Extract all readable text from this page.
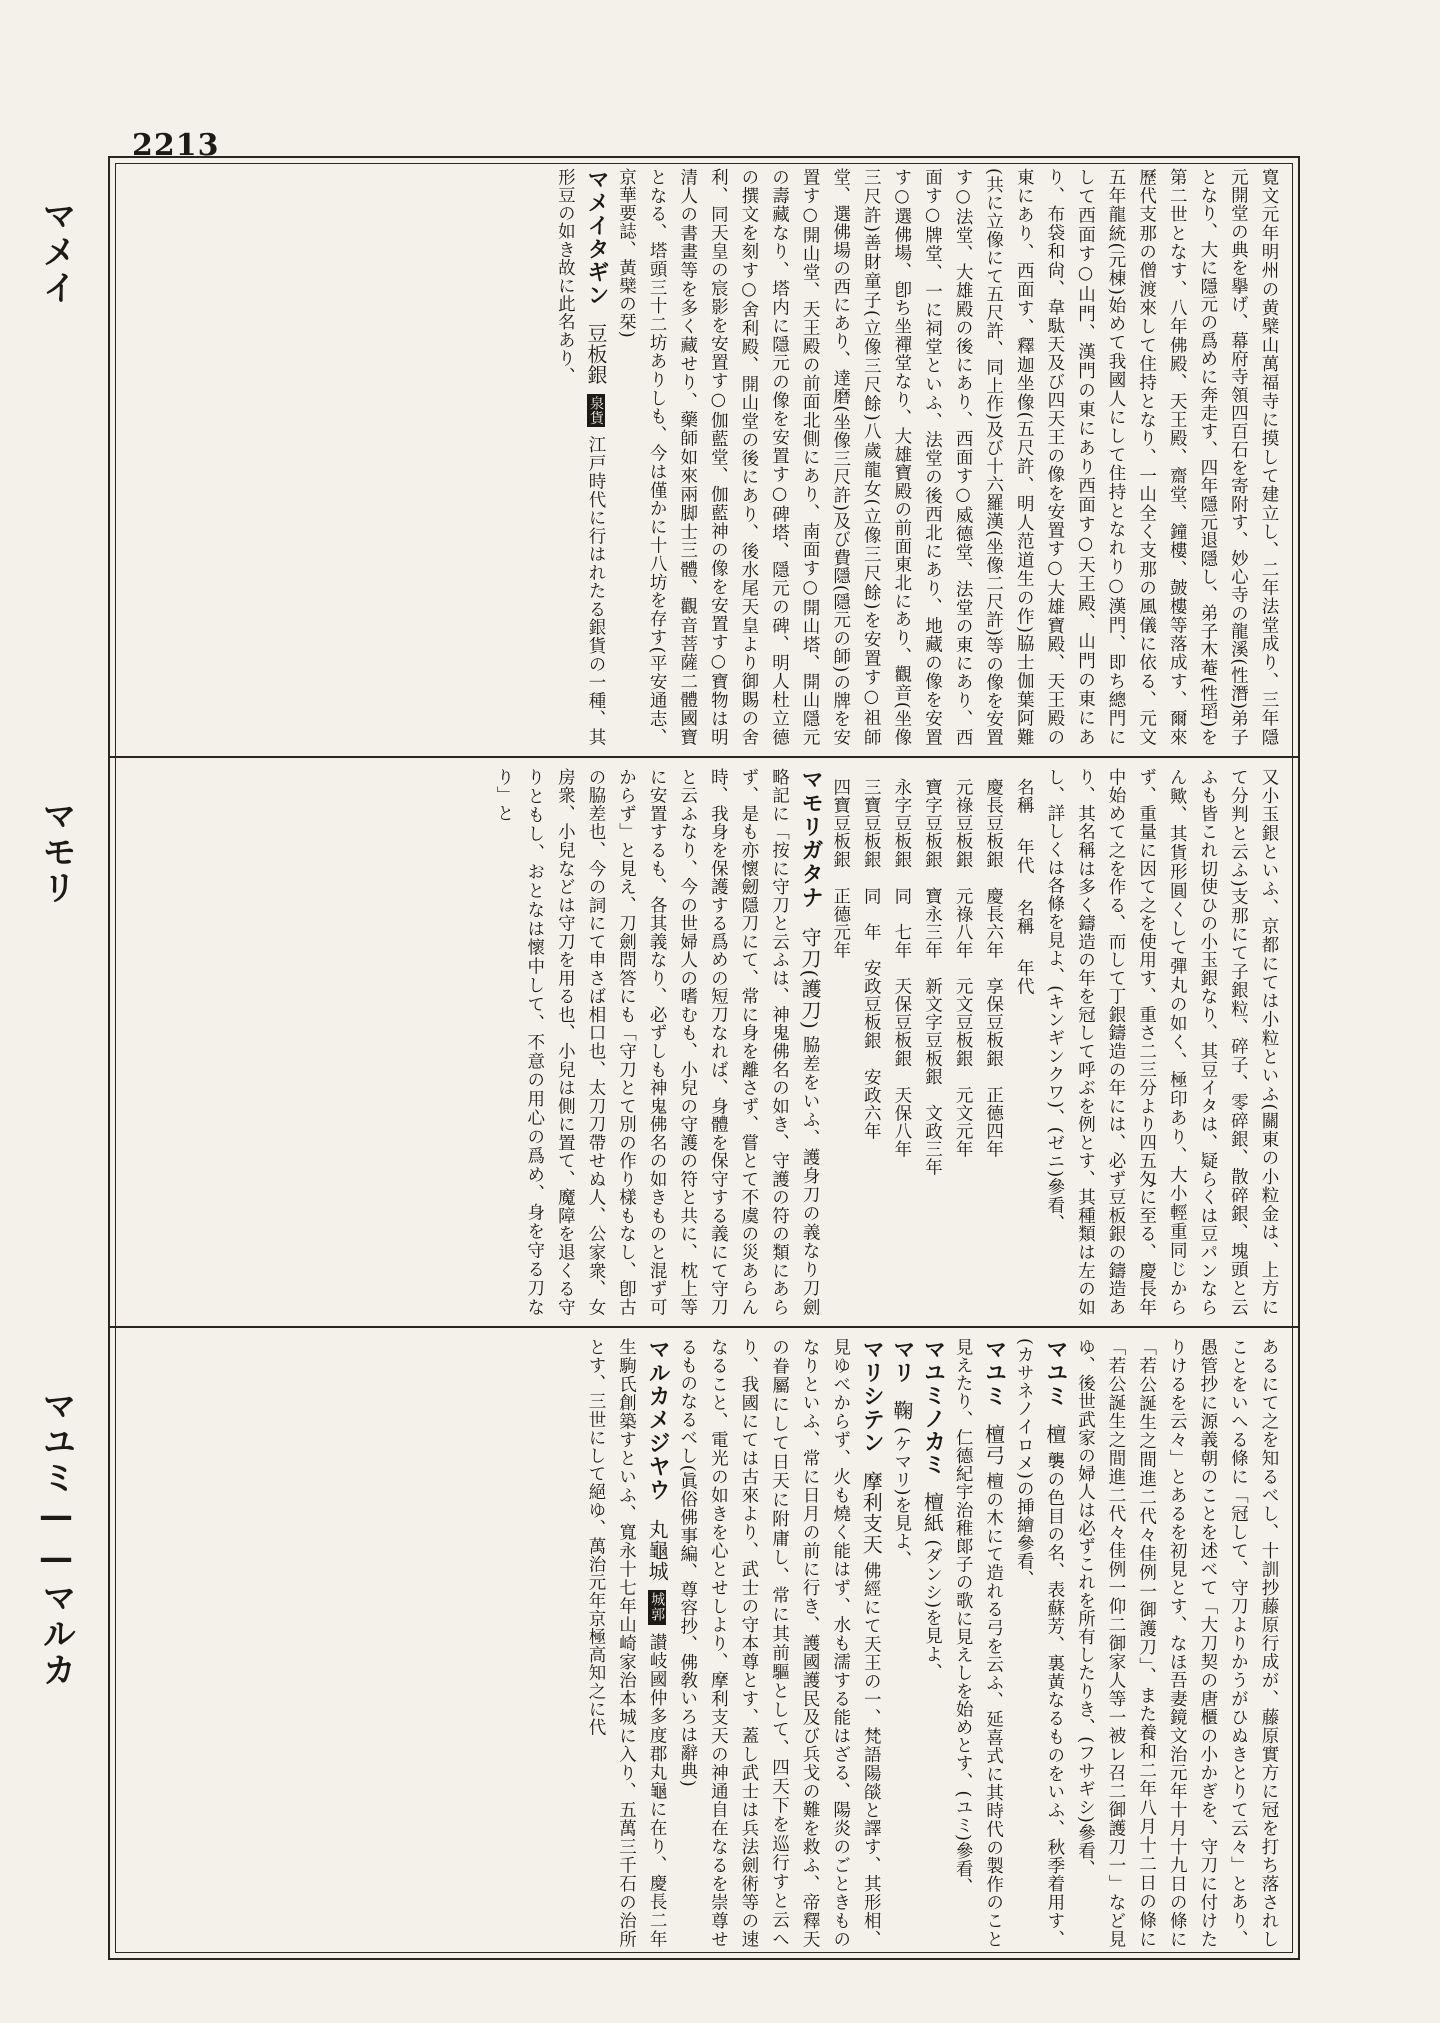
2213
マメイ	寛文元年明州の黄檗山萬福寺に摸して建立し、二年法堂成り、三年隱元開堂の典を擧げ、幕府寺領四百石を寄附す、妙心寺の龍溪(性潛)弟子となり、大に隱元の爲めに奔走す、四年隱元退隱し、弟子木菴(性瑫)を第二世となす、八年佛殿、天王殿、齋堂、鐘樓、皷樓等落成す、爾來歷代支那の僧渡來して住持となり、一山全く支那の風儀に依る、元文五年龍統(元棟)始めて我國人にして住持となれり○漢門、即ち總門にして西面す○山門、漢門の東にあり西面す○天王殿、山門の東にあり、布袋和尙、韋駄天及び四天王の像を安置す○大雄寶殿、天王殿の東にあり、西面す、釋迦坐像(五尺許、明人范道生の作)脇士伽葉阿難(共に立像にて五尺許、同上作)及び十六羅漢(坐像二尺許)等の像を安置す○法堂、大雄殿の後にあり、西面す○威德堂、法堂の東にあり、西面す○牌堂、一に祠堂といふ、法堂の後西北にあり、地藏の像を安置す○選佛場、卽ち坐禪堂なり、大雄寶殿の前面東北にあり、觀音(坐像三尺許)善財童子(立像三尺餘)八歲龍女(立像三尺餘)を安置す○祖師堂、選佛場の西にあり、達磨(坐像三尺許)及び費隱(隱元の師)の牌を安置す○開山堂、天王殿の前面北側にあり、南面す○開山塔、開山隱元の壽藏なり、塔内に隱元の像を安置す○碑塔、隱元の碑、明人杜立德の撰文を刻す○舍利殿、開山堂の後にあり、後水尾天皇より御賜の舍利、同天皇の宸影を安置す○伽藍堂、伽藍神の像を安置す○寶物は明清人の書畫等を多く藏せり、藥師如來兩脚士三體、觀音菩薩二體國寶となる、塔頭三十二坊ありしも、今は僅かに十八坊を存す(平安通志、京華要誌、黃檗の栞)

マメイタギン 豆板銀 泉貨 江戸時代に行はれたる銀貨の一種、其形豆の如き故に此名あり、

マモリ	又小玉銀といふ、京都にては小粒といふ(關東の小粒金は、上方にて分判と云ふ)支那にて子銀粒、碎子、零碎銀、散碎銀、塊頭と云ふも皆これ切使ひの小玉銀なり、其豆イタは、疑らくは豆パンならん歟、其貨形圓くして彈丸の如く、極印あり、大小輕重同じからず、重量に因て之を使用す、重さ二三分より四五匁に至る、慶長年中始めて之を作る、而して丁銀鑄造の年には、必ず豆板銀の鑄造あり、其名稱は多く鑄造の年を冠して呼ぶを例とす、其種類は左の如し、詳しくは各條を見よ、(キンギンクワ)、(ゼニ)參看、

名稱　 年代　 名稱　 年代
慶長豆板銀　慶長六年　享保豆板銀　正德四年
元祿豆板銀　元祿八年　元文豆板銀　元文元年
寶字豆板銀　寶永三年　新文字豆板銀　文政三年
永字豆板銀　同　七年　天保豆板銀　天保八年
三寶豆板銀　同　年　安政豆板銀　安政六年
四寶豆板銀　正德元年

マモリガタナ 守刀(護刀) 脇差をいふ、護身刀の義なり刀劍略記に「按に守刀と云ふは、神鬼佛名の如き、守護の符の類にあらず、是も亦懷劒隱刀にて、常に身を離さず、嘗とて不虞の災あらん時、我身を保護する爲めの短刀なれば、身體を保守する義にて守刀と云ふなり、今の世婦人の嗜むも、小兒の守護の符と共に、枕上等に安置するも、各其義なり、必ずしも神鬼佛名の如きものと混ず可からず」と見え、刀劍問答にも「守刀とて別の作り樣もなし、卽古の脇差也、今の詞にて申さば相口也、太刀刀帶せぬ人、公家衆、女房衆、小兒などは守刀を用る也、小兒は側に置て、魔障を退くる守りともし、おとなは懷中して、不意の用心の爲め、身を守る刀なり」と

マユミ——マルカ	あるにて之を知るべし、十訓抄藤原行成が、藤原實方に冠を打ち落されしことをいへる條に「冠して、守刀よりかうがひぬきとりて云々」とあり、愚管抄に源義朝のことを述べて「大刀契の唐櫃の小かぎを、守刀に付けたりけるを云々」とあるを初見とす、なほ吾妻鏡文治元年十月十九日の條に「若公誕生之間進二代々佳例一御護刀」、また養和二年八月十二日の條に「若公誕生之間進二代々佳例一仰二御家人等一被レ召二御護刀一」など見ゆ、後世武家の婦人は必ずこれを所有したりき、(フサギシ)參看、

マユミ 檀 襲の色目の名、表蘇芳、裏黃なるものをいふ、秋季着用す、(カサネノイロメ)の挿繪參看、

マユミ 檀弓 檀の木にて造れる弓を云ふ、延喜式に其時代の製作のこと見えたり、仁德紀宇治稚郞子の歌に見えしを始めとす、(ユミ)參看、

マユミノカミ 檀紙 (ダンシ)を見よ、

マリ 鞠 (ケマリ)を見よ、

マリシテン 摩利支天 佛經にて天王の一、梵語陽燄と譯す、其形相、見ゆべからず、火も燒く能はず、水も濡する能はざる、陽炎のごときものなりといふ、常に日月の前に行き、護國護民及び兵戈の難を救ふ、帝釋天の眷屬にして日天に附庸し、常に其前驅として、四天下を巡行すと云へり、我國にては古來より、武士の守本尊とす、蓋し武士は兵法劍術等の速なること、電光の如きを心とせしより、摩利支天の神通自在なるを崇尊せるものなるべし(眞俗佛事編、尊容抄、佛敎いろは辭典)

マルカメジヤウ 丸龜城 城郭 讃岐國仲多度郡丸龜に在り、慶長二年生駒氏創築すといふ、寬永十七年山崎家治本城に入り、五萬三千石の治所とす、三世にして絕ゆ、萬治元年京極高知之に代
